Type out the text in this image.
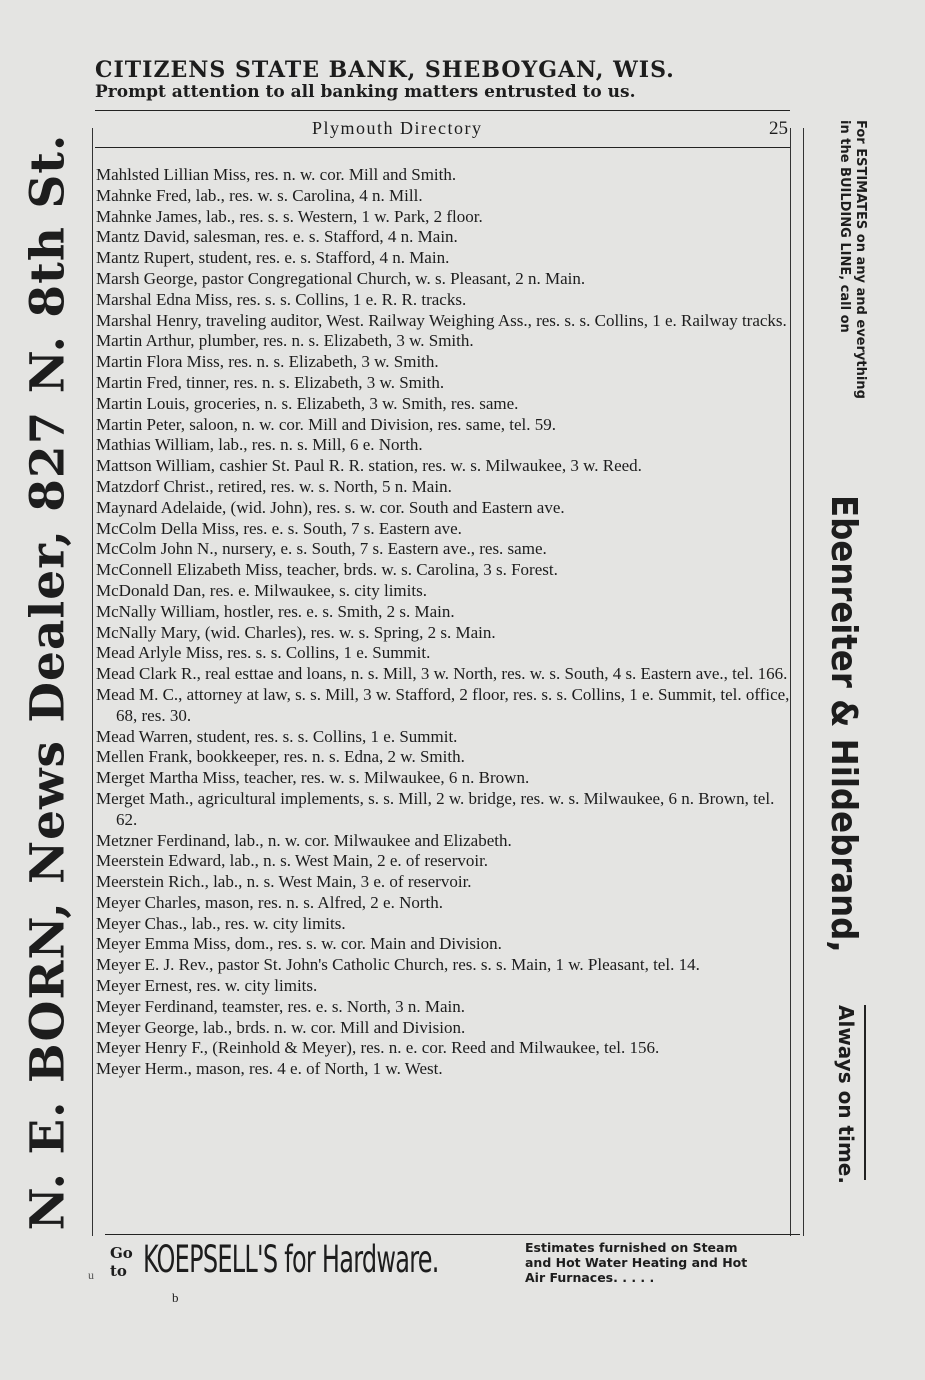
CITIZENS STATE BANK, SHEBOYGAN, WIS.
Prompt attention to all banking matters entrusted to us.
Plymouth Directory	25
N. E. BORN, News Dealer, 827 N. 8th St.	For ESTIMATES on any and everything
in the BUILDING LINE, call on
Ebenreiter & Hildebrand,
Always on time.
Mahlsted Lillian Miss, res. n. w. cor. Mill and Smith.
Mahnke Fred, lab., res. w. s. Carolina, 4 n. Mill.
Mahnke James, lab., res. s. s. Western, 1 w. Park, 2 floor.
Mantz David, salesman, res. e. s. Stafford, 4 n. Main.
Mantz Rupert, student, res. e. s. Stafford, 4 n. Main.
Marsh George, pastor Congregational Church, w. s. Pleasant, 2 n. Main.
Marshal Edna Miss, res. s. s. Collins, 1 e. R. R. tracks.
Marshal Henry, traveling auditor, West. Railway Weighing Ass., res. s. s. Collins, 1 e. Railway tracks.
Martin Arthur, plumber, res. n. s. Elizabeth, 3 w. Smith.
Martin Flora Miss, res. n. s. Elizabeth, 3 w. Smith.
Martin Fred, tinner, res. n. s. Elizabeth, 3 w. Smith.
Martin Louis, groceries, n. s. Elizabeth, 3 w. Smith, res. same.
Martin Peter, saloon, n. w. cor. Mill and Division, res. same, tel. 59.
Mathias William, lab., res. n. s. Mill, 6 e. North.
Mattson William, cashier St. Paul R. R. station, res. w. s. Milwaukee, 3 w. Reed.
Matzdorf Christ., retired, res. w. s. North, 5 n. Main.
Maynard Adelaide, (wid. John), res. s. w. cor. South and Eastern ave.
McColm Della Miss, res. e. s. South, 7 s. Eastern ave.
McColm John N., nursery, e. s. South, 7 s. Eastern ave., res. same.
McConnell Elizabeth Miss, teacher, brds. w. s. Carolina, 3 s. Forest.
McDonald Dan, res. e. Milwaukee, s. city limits.
McNally William, hostler, res. e. s. Smith, 2 s. Main.
McNally Mary, (wid. Charles), res. w. s. Spring, 2 s. Main.
Mead Arlyle Miss, res. s. s. Collins, 1 e. Summit.
Mead Clark R., real esttae and loans, n. s. Mill, 3 w. North, res. w. s. South, 4 s. Eastern ave., tel. 166.
Mead M. C., attorney at law, s. s. Mill, 3 w. Stafford, 2 floor, res. s. s. Collins, 1 e. Summit, tel. office, 68, res. 30.
Mead Warren, student, res. s. s. Collins, 1 e. Summit.
Mellen Frank, bookkeeper, res. n. s. Edna, 2 w. Smith.
Merget Martha Miss, teacher, res. w. s. Milwaukee, 6 n. Brown.
Merget Math., agricultural implements, s. s. Mill, 2 w. bridge, res. w. s. Milwaukee, 6 n. Brown, tel. 62.
Metzner Ferdinand, lab., n. w. cor. Milwaukee and Elizabeth.
Meerstein Edward, lab., n. s. West Main, 2 e. of reservoir.
Meerstein Rich., lab., n. s. West Main, 3 e. of reservoir.
Meyer Charles, mason, res. n. s. Alfred, 2 e. North.
Meyer Chas., lab., res. w. city limits.
Meyer Emma Miss, dom., res. s. w. cor. Main and Division.
Meyer E. J. Rev., pastor St. John's Catholic Church, res. s. s. Main, 1 w. Pleasant, tel. 14.
Meyer Ernest, res. w. city limits.
Meyer Ferdinand, teamster, res. e. s. North, 3 n. Main.
Meyer George, lab., brds. n. w. cor. Mill and Division.
Meyer Henry F., (Reinhold & Meyer), res. n. e. cor. Reed and Milwaukee, tel. 156.
Meyer Herm., mason, res. 4 e. of North, 1 w. West.
Go
to KOEPSELL'S for Hardware.	Estimates furnished on Steam
and Hot Water Heating and Hot
Air Furnaces. . . . .
u
b
